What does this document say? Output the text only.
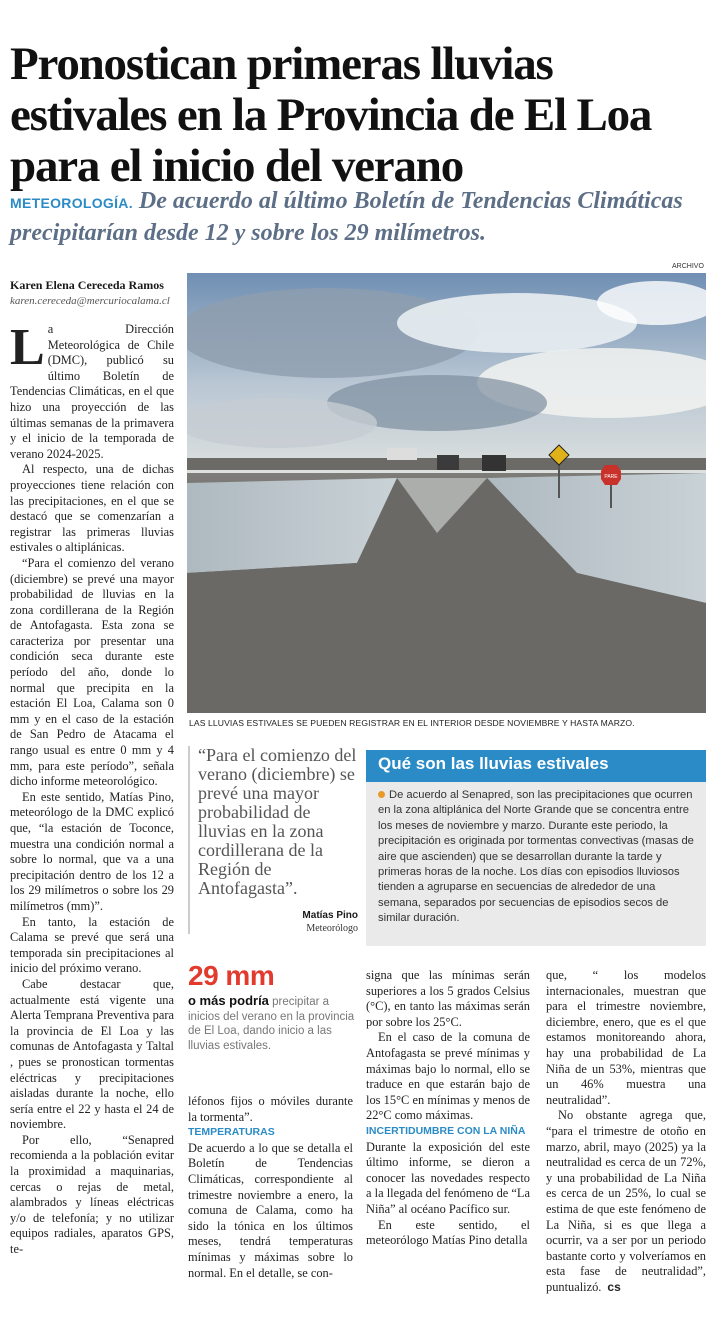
Pronostican primeras lluvias estivales en la Provincia de El Loa para el inicio del verano
METEOROLOGÍA. De acuerdo al último Boletín de Tendencias Climáticas precipitarían desde 12 y sobre los 29 milímetros.
Karen Elena Cereceda Ramos
karen.cereceda@mercuriocalama.cl

La Dirección Meteorológica de Chile (DMC), publicó su último Boletín de Tendencias Climáticas, en el que hizo una proyección de las últimas semanas de la primavera y el inicio de la temporada de verano 2024-2025.

Al respecto, una de dichas proyecciones tiene relación con las precipitaciones, en el que se destacó que se comenzarían a registrar las primeras lluvias estivales o altiplánicas.

“Para el comienzo del verano (diciembre) se prevé una mayor probabilidad de lluvias en la zona cordillerana de la Región de Antofagasta. Esta zona se caracteriza por presentar una condición seca durante este período del año, donde lo normal que precipita en la estación El Loa, Calama son 0 mm y en el caso de la estación de San Pedro de Atacama el rango usual es entre 0 mm y 4 mm, para este período”, señala dicho informe meteorológico.

En este sentido, Matías Pino, meteorólogo de la DMC explicó que, “la estación de Toconce, muestra una condición normal a sobre lo normal, que va a una precipitación dentro de los 12 a los 29 milímetros o sobre los 29 milímetros (mm)”.

En tanto, la estación de Calama se prevé que será una temporada sin precipitaciones al inicio del próximo verano.

Cabe destacar que, actualmente está vigente una Alerta Temprana Preventiva para la provincia de El Loa y las comunas de Antofagasta y Taltal , pues se pronostican tormentas eléctricas y precipitaciones aisladas durante la noche, ello sería entre el 22 y hasta el 24 de noviembre.

Por ello, “Senapred recomienda a la población evitar la proximidad a maquinarias, cercas o rejas de metal, alambrados y líneas eléctricas y/o de telefonía; y no utilizar equipos radiales, aparatos GPS, te-

ARCHIVO
PARE
LAS LLUVIAS ESTIVALES SE PUEDEN REGISTRAR EN EL INTERIOR DESDE NOVIEMBRE Y HASTA MARZO.
“Para el comienzo del verano (diciembre) se prevé una mayor probabilidad de lluvias en la zona cordillerana de la Región de Antofagasta”.
Matías Pino
Meteorólogo
Qué son las lluvias estivales
De acuerdo al Senapred, son las precipitaciones que ocurren en la zona altiplánica del Norte Grande que se concentra entre los meses de noviembre y marzo. Durante este periodo, la precipitación es originada por tormentas convectivas (masas de aire que ascienden) que se desarrollan durante la tarde y primeras horas de la noche. Los días con episodios lluviosos tienden a agruparse en secuencias de alrededor de una semana, separados por secuencias de episodios secos de similar duración.
29 mm
o más podría precipitar a inicios del verano en la provincia de El Loa, dando inicio a las lluvias estivales.

léfonos fijos o móviles durante la tormenta”.

TEMPERATURAS

De acuerdo a lo que se detalla el Boletín de Tendencias Climáticas, correspondiente al trimestre noviembre a enero, la comuna de Calama, como ha sido la tónica en los últimos meses, tendrá temperaturas mínimas y máximas sobre lo normal. En el detalle, se con-

signa que las mínimas serán superiores a los 5 grados Celsius (°C), en tanto las máximas serán por sobre los 25°C.

En el caso de la comuna de Antofagasta se prevé mínimas y máximas bajo lo normal, ello se traduce en que estarán bajo de los 15°C en mínimas y menos de 22°C como máximas.

INCERTIDUMBRE CON LA NIÑA

Durante la exposición del este último informe, se dieron a conocer las novedades respecto a la llegada del fenómeno de “La Niña” al océano Pacífico sur.

En este sentido, el meteorólogo Matías Pino detalla

que, “ los modelos internacionales, muestran que para el trimestre noviembre, diciembre, enero, que es el que estamos monitoreando ahora, hay una probabilidad de La Niña de un 53%, mientras que un 46% muestra una neutralidad”.

No obstante agrega que, “para el trimestre de otoño en marzo, abril, mayo (2025) ya la neutralidad es cerca de un 72%, y una probabilidad de La Niña es cerca de un 25%, lo cual se estima de que este fenómeno de La Niña, si es que llega a ocurrir, va a ser por un periodo bastante corto y volveríamos en esta fase de neutralidad”, puntualizó. cs
